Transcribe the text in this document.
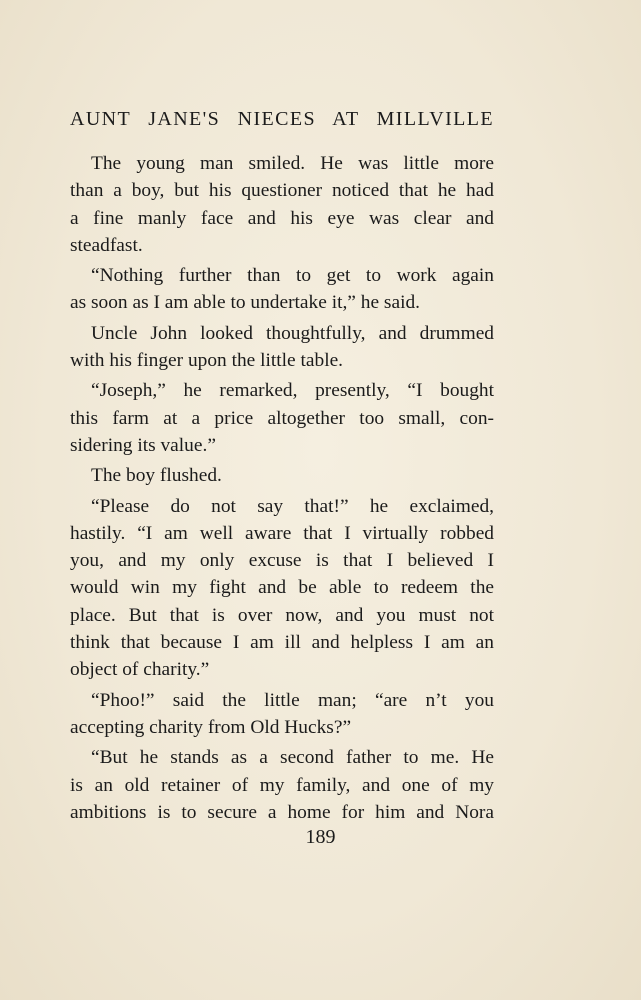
AUNT JANE'S NIECES AT MILLVILLE
The young man smiled. He was little more
than a boy, but his questioner noticed that he had
a fine manly face and his eye was clear and
steadfast.
“Nothing further than to get to work again
as soon as I am able to undertake it,” he said.
Uncle John looked thoughtfully, and drummed
with his finger upon the little table.
“Joseph,” he remarked, presently, “I bought
this farm at a price altogether too small, con-
sidering its value.”
The boy flushed.
“Please do not say that!” he exclaimed,
hastily. “I am well aware that I virtually robbed
you, and my only excuse is that I believed I
would win my fight and be able to redeem the
place. But that is over now, and you must not
think that because I am ill and helpless I am an
object of charity.”
“Phoo!” said the little man; “are n’t you
accepting charity from Old Hucks?”
“But he stands as a second father to me. He
is an old retainer of my family, and one of my
ambitions is to secure a home for him and Nora
189
